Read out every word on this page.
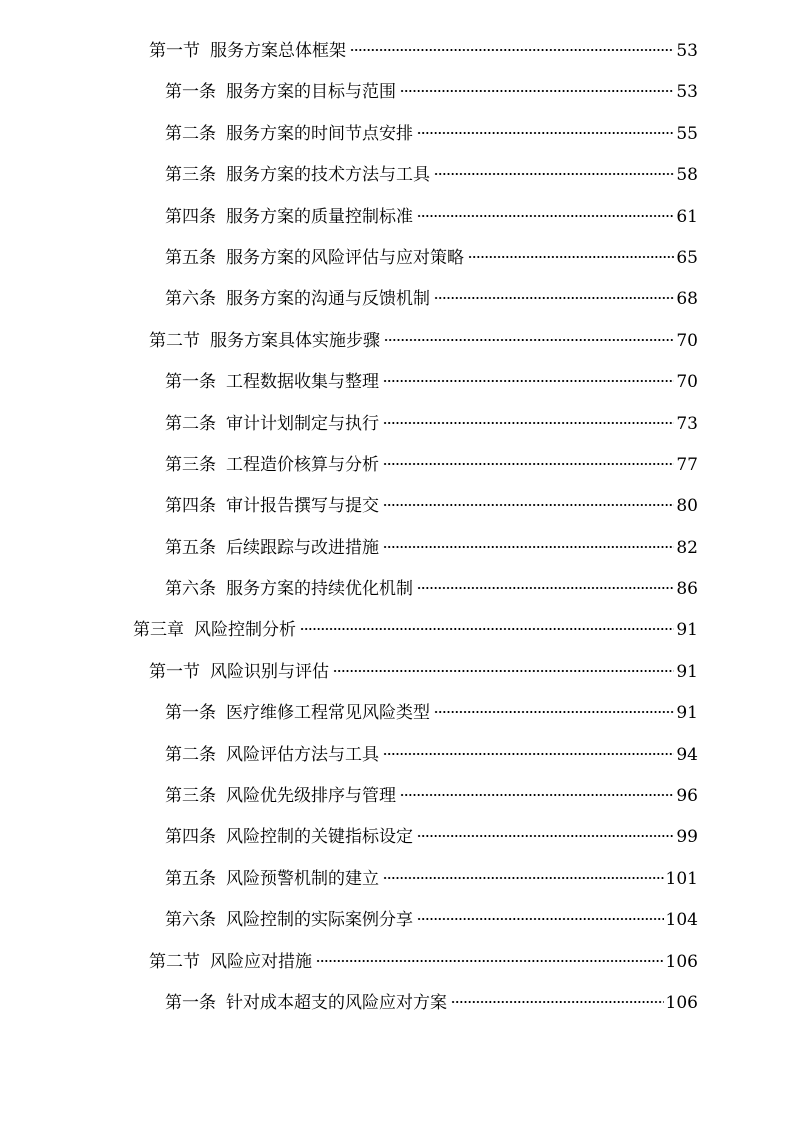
第一节 服务方案总体框架	53
第一条 服务方案的目标与范围	53
第二条 服务方案的时间节点安排	55
第三条 服务方案的技术方法与工具	58
第四条 服务方案的质量控制标准	61
第五条 服务方案的风险评估与应对策略	65
第六条 服务方案的沟通与反馈机制	68
第二节 服务方案具体实施步骤	70
第一条 工程数据收集与整理	70
第二条 审计计划制定与执行	73
第三条 工程造价核算与分析	77
第四条 审计报告撰写与提交	80
第五条 后续跟踪与改进措施	82
第六条 服务方案的持续优化机制	86
第三章 风险控制分析	91
第一节 风险识别与评估	91
第一条 医疗维修工程常见风险类型	91
第二条 风险评估方法与工具	94
第三条 风险优先级排序与管理	96
第四条 风险控制的关键指标设定	99
第五条 风险预警机制的建立	101
第六条 风险控制的实际案例分享	104
第二节 风险应对措施	106
第一条 针对成本超支的风险应对方案	106
